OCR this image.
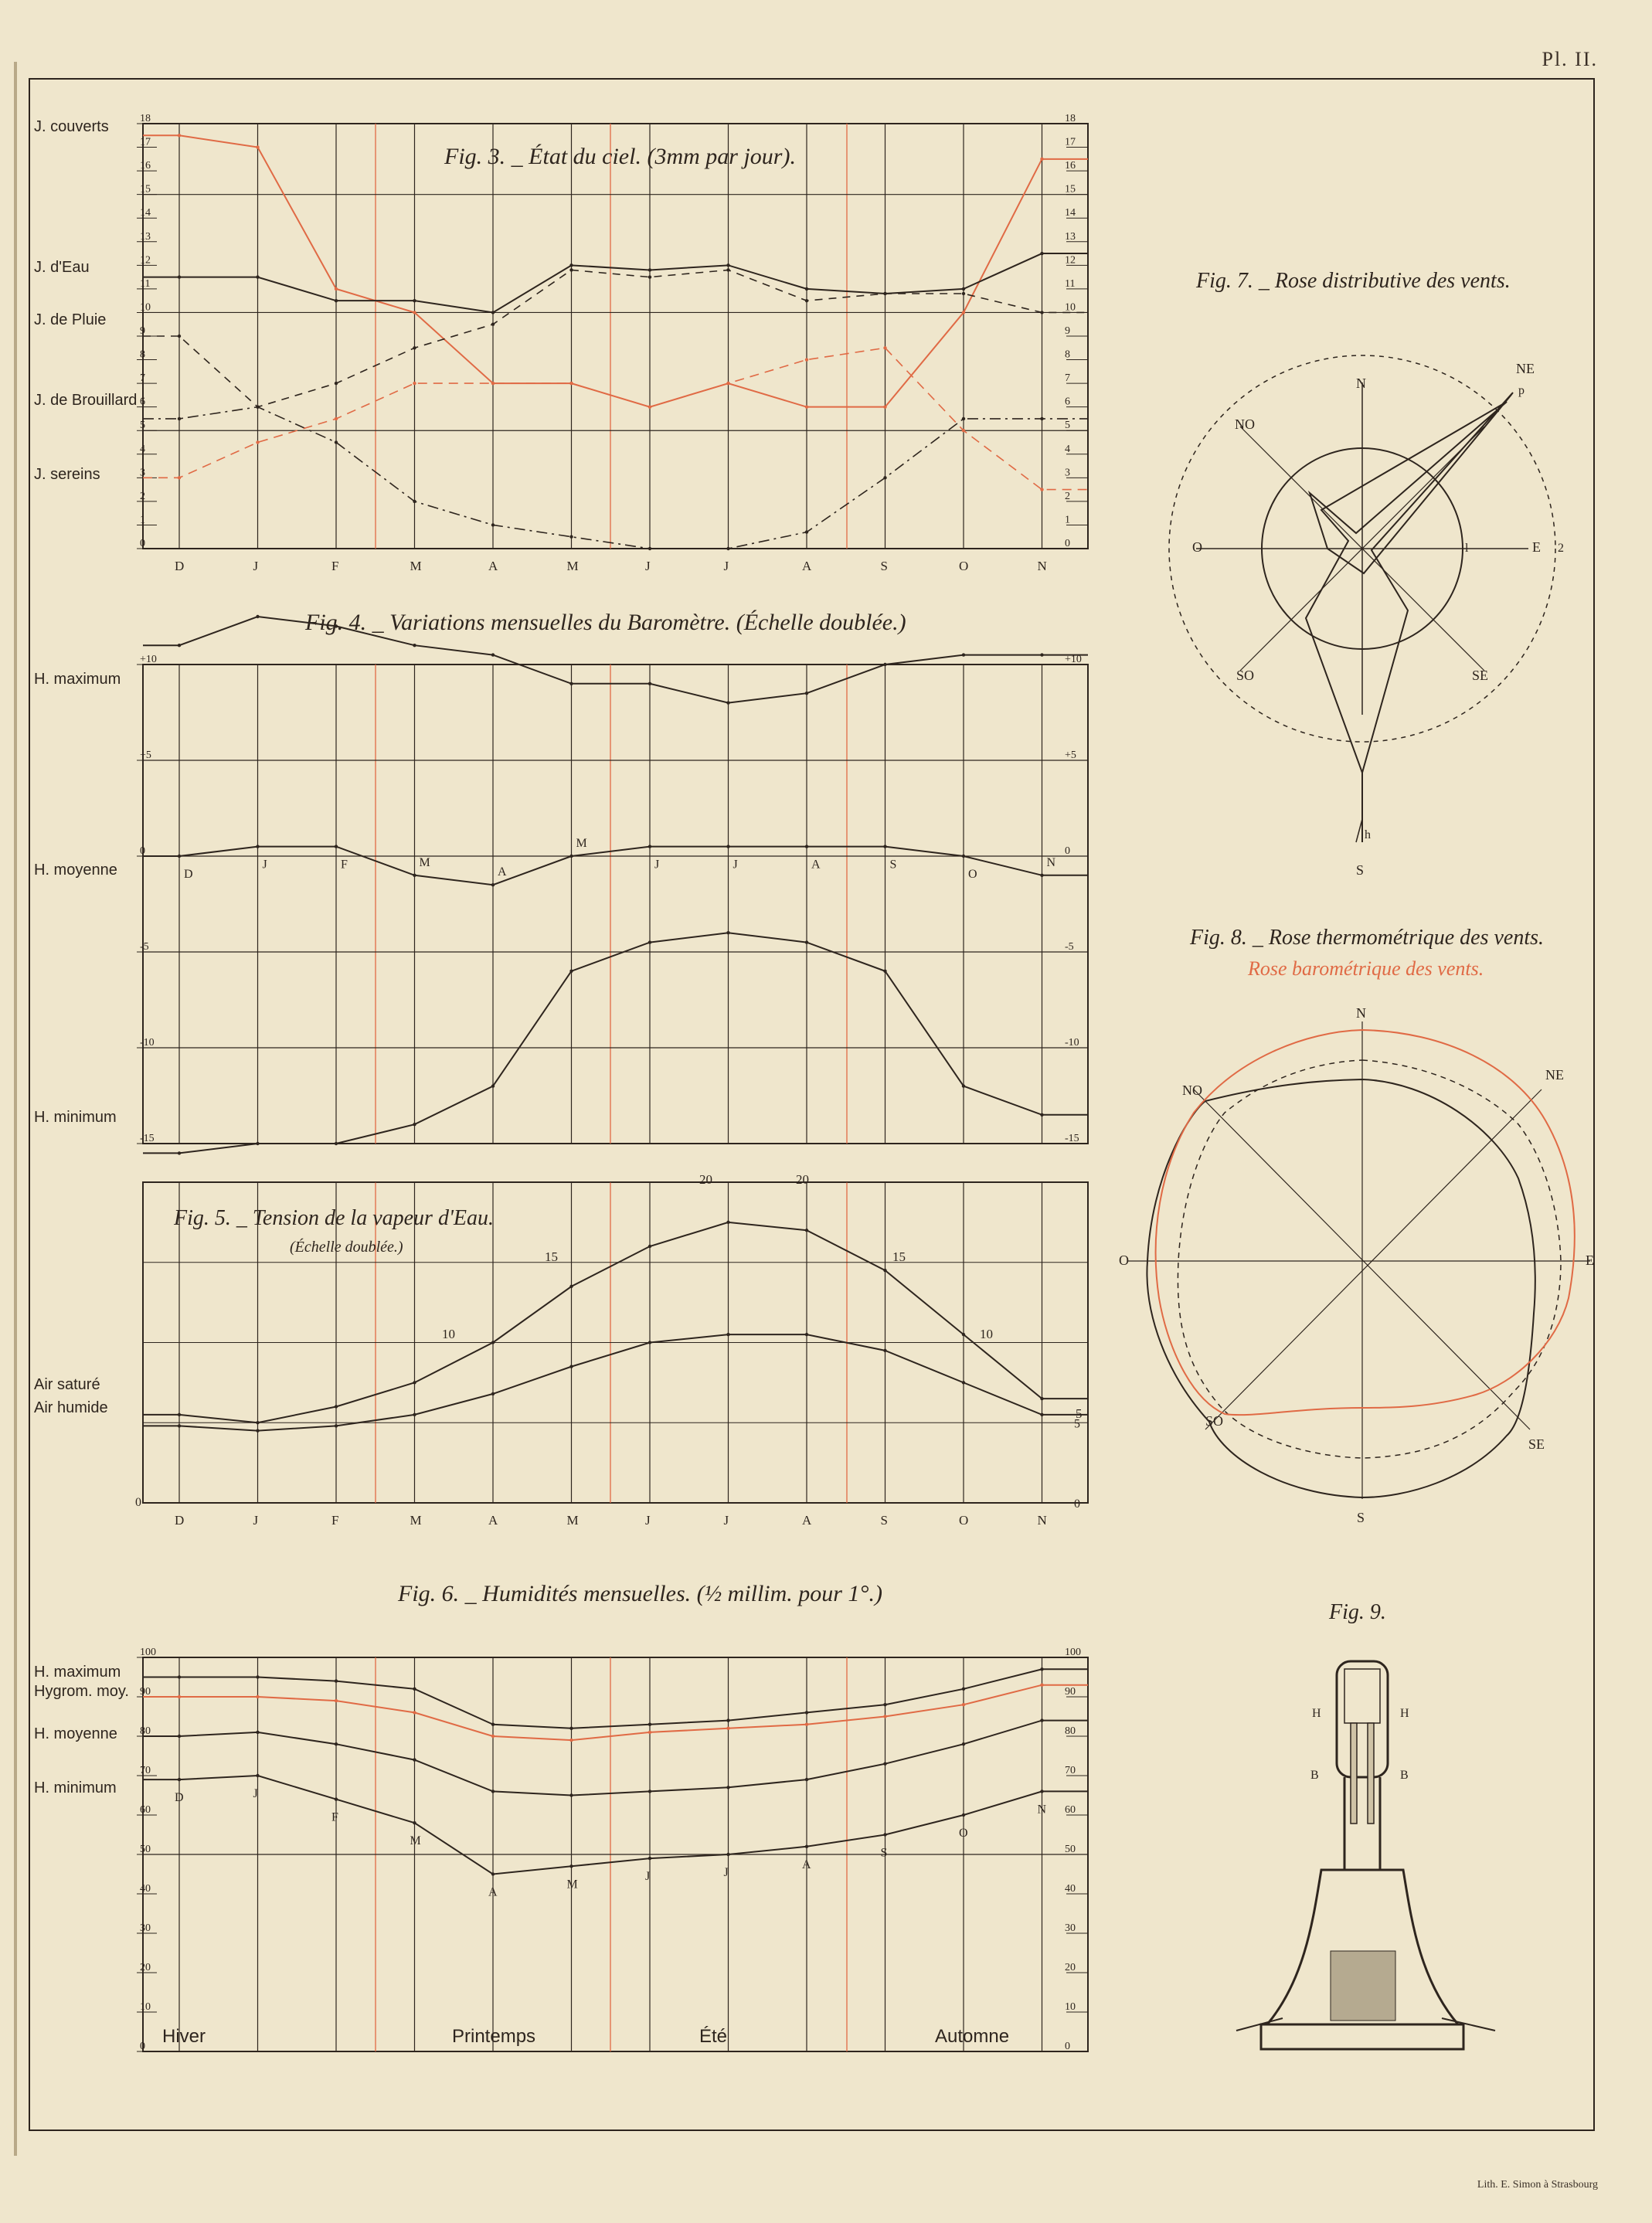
Pl. II.
Lith. E. Simon à Strasbourg
18
17
16
15
14
13
12
11
10
9
8
7
6
5
4
3
2
1
0
18
17
16
15
14
13
12
11
10
9
8
7
6
5
4
3
2
1
0
J. couverts
J. d'Eau
J. de Pluie
J. de Brouillard
J. sereins
D	J	F	M	A	M	J	J	A	S	O	N
+10
+5
0
-5
-10
-15
+10
+5
0
-5
-10
-15
H. maximum
H. moyenne
H. minimum
D
J	F	M
A
M
J	J	A	S
O
N
0
5
0
Air saturé
Air humide
D	J	F	M	A	M	J	J	A	S	O	N
20	20
15	15
10	10
5
100
90
80
70
60
50
40
30
20
10
0
100
90
80
70
60
50
40
30
20
10
0
H. maximum
Hygrom. moy.
H. moyenne
H. minimum
D	J
F
M
A
M
J	J
A
S
O
N
Hiver	Printemps	Été	Automne
Fig. 3. _ État du ciel. (3mm par jour).
Fig. 4. _ Variations mensuelles du Baromètre. (Échelle doublée.)
Fig. 5. _ Tension de la vapeur d'Eau.
(Échelle doublée.)
Fig. 6. _ Humidités mensuelles. (½ millim. pour 1°.)
Fig. 7. _ Rose distributive des vents.
N
NE
E
SE
S
SO
O
NO
p
l	2
h
Fig. 8. _ Rose thermométrique des vents.
Rose barométrique des vents.
N
NE
E
SE
S
SO
O
NO
Fig. 9.
H	H
B	B
